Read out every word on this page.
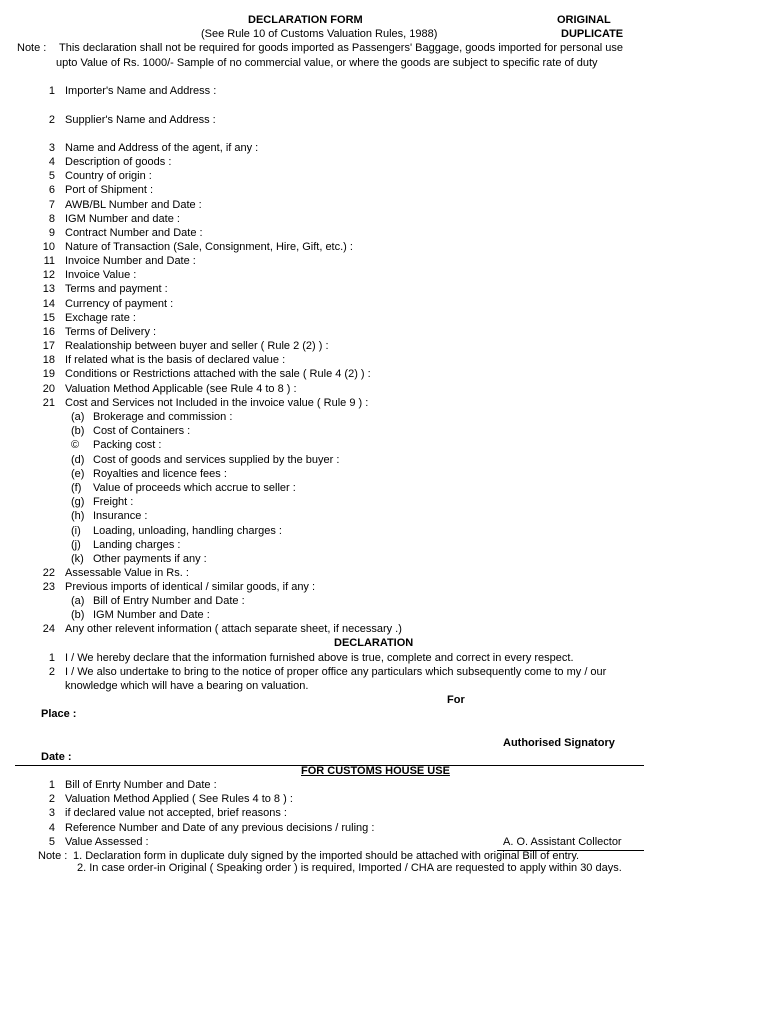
DECLARATION FORM	ORIGINAL
(See Rule 10 of Customs Valuation Rules, 1988)	DUPLICATE
Note : This declaration shall not be required for goods imported as Passengers' Baggage, goods imported for personal use
upto Value of Rs. 1000/- Sample of no commercial value, or where the goods are subject to specific rate of duty
1 Importer's Name and Address :
2 Supplier's Name and Address :
3 Name and Address of the agent, if any :
4 Description of goods :
5 Country of origin :
6 Port of Shipment :
7 AWB/BL Number and Date :
8 IGM Number and date :
9 Contract Number and Date :
10 Nature of Transaction (Sale, Consignment, Hire, Gift, etc.) :
11 Invoice Number and Date :
12 Invoice Value :
13 Terms and payment :
14 Currency of payment :
15 Exchage rate :
16 Terms of Delivery :
17 Realationship between buyer and seller ( Rule 2 (2) ) :
18 If related what is the basis of declared value :
19 Conditions or Restrictions attached with the sale ( Rule 4 (2) ) :
20 Valuation Method Applicable (see Rule 4 to 8 ) :
21 Cost and Services not Included in the invoice value ( Rule 9 ) :
(a) Brokerage and commission :
(b) Cost of Containers :
© Packing cost :
(d) Cost of goods and services supplied by the buyer :
(e) Royalties and licence fees :
(f) Value of proceeds which accrue to seller :
(g) Freight :
(h) Insurance :
(i) Loading, unloading, handling charges :
(j) Landing charges :
(k) Other payments if any :
22 Assessable Value in Rs. :
23 Previous imports of identical / similar goods, if any :
(a) Bill of Entry Number and Date :
(b) IGM Number and Date :
24 Any other relevent information ( attach separate sheet, if necessary .)
DECLARATION
1 I / We hereby declare that the information furnished above is true, complete and correct in every respect.
2 I / We also undertake to bring to the notice of proper office any particulars which subsequently come to my / our
knowledge which will have a bearing on valuation.
For
Place :
Authorised Signatory
Date :
FOR CUSTOMS HOUSE USE
1 Bill of Enrty Number and Date :
2 Valuation Method Applied ( See Rules 4 to 8 ) :
3 if declared value not accepted, brief reasons :
4 Reference Number and Date of any previous decisions / ruling :
5 Value Assessed :	A. O. Assistant Collector
Note : 1. Declaration form in duplicate duly signed by the imported should be attached with original Bill of entry.
2. In case order-in Original ( Speaking order ) is required, Imported / CHA are requested to apply within 30 days.
